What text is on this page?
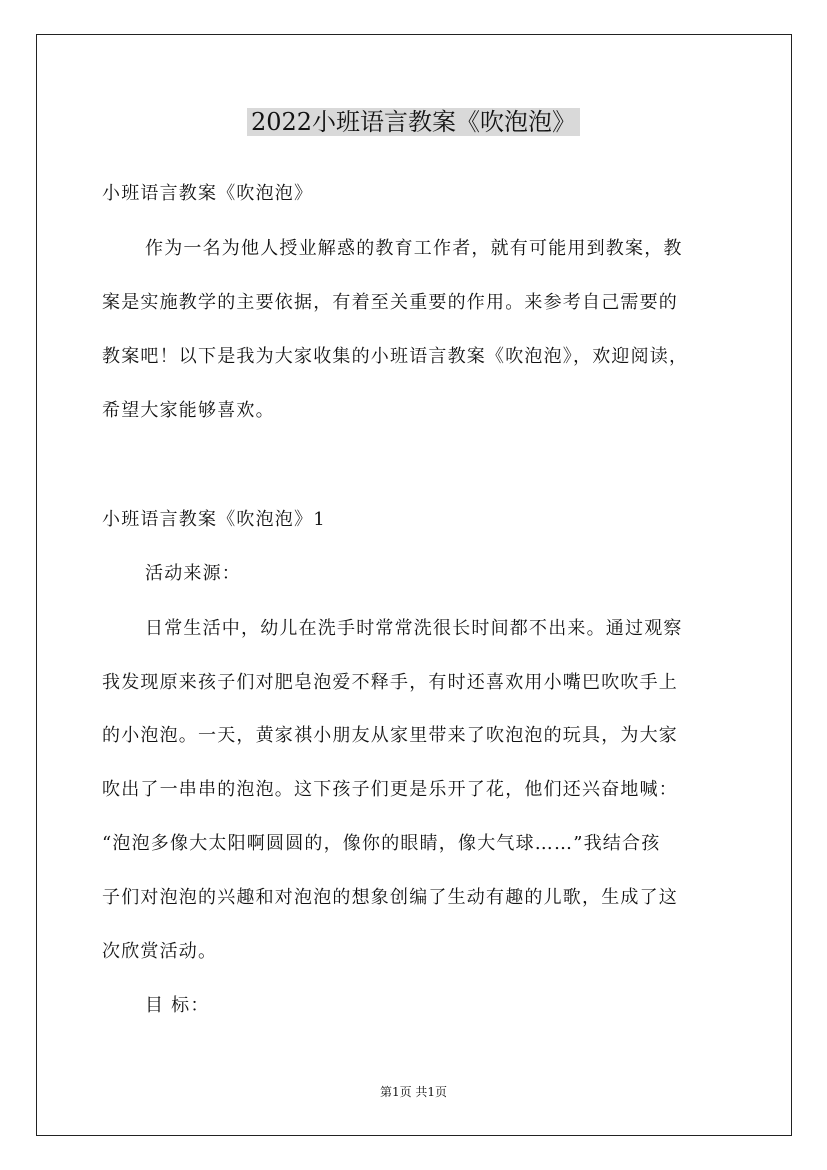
2022小班语言教案《吹泡泡》
小班语言教案《吹泡泡》
作为一名为他人授业解惑的教育工作者，就有可能用到教案，教
案是实施教学的主要依据，有着至关重要的作用。来参考自己需要的
教案吧！以下是我为大家收集的小班语言教案《吹泡泡》，欢迎阅读，
希望大家能够喜欢。
小班语言教案《吹泡泡》1
活动来源：
日常生活中，幼儿在洗手时常常洗很长时间都不出来。通过观察
我发现原来孩子们对肥皂泡爱不释手，有时还喜欢用小嘴巴吹吹手上
的小泡泡。一天，黄家祺小朋友从家里带来了吹泡泡的玩具，为大家
吹出了一串串的泡泡。这下孩子们更是乐开了花，他们还兴奋地喊：
“泡泡多像大太阳啊圆圆的，像你的眼睛，像大气球……”我结合孩
子们对泡泡的兴趣和对泡泡的想象创编了生动有趣的儿歌，生成了这
次欣赏活动。
目 标：
第1页 共1页
